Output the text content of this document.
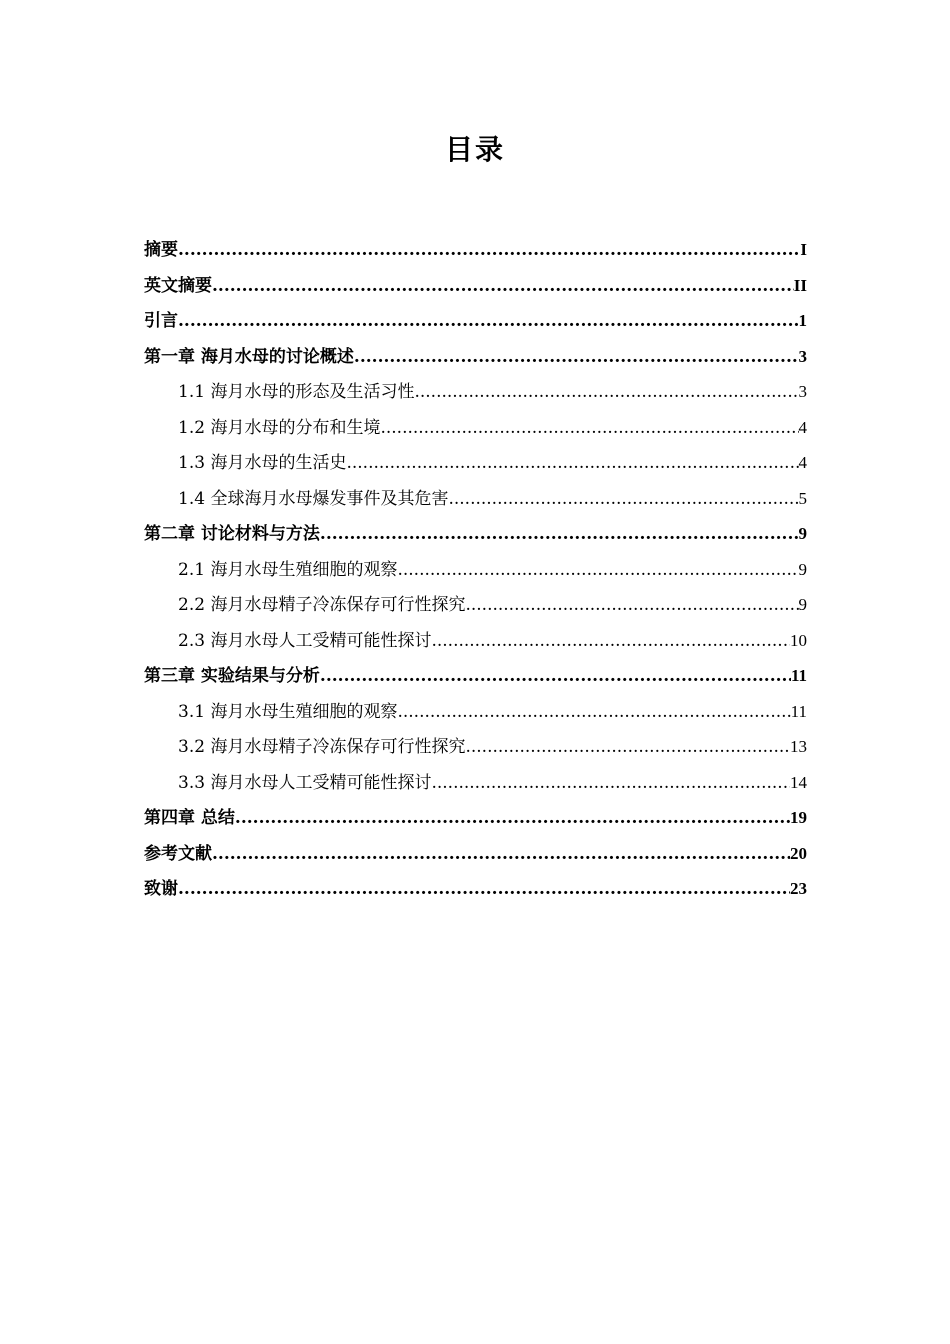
目录
摘要 .....	I
英文摘要 .....	II
引言 .....	1
第一章 海月水母的讨论概述 .....	3
1.1 海月水母的形态及生活习性 .....	3
1.2 海月水母的分布和生境 .....	4
1.3 海月水母的生活史 .....	4
1.4 全球海月水母爆发事件及其危害 .....	5
第二章 讨论材料与方法 .....	9
2.1 海月水母生殖细胞的观察 .....	9
2.2 海月水母精子冷冻保存可行性探究 .....	9
2.3 海月水母人工受精可能性探讨 .....	10
第三章 实验结果与分析 .....	11
3.1 海月水母生殖细胞的观察 .....	11
3.2 海月水母精子冷冻保存可行性探究 .....	13
3.3 海月水母人工受精可能性探讨 .....	14
第四章 总结 .....	19
参考文献 .....	20
致谢 .....	23
